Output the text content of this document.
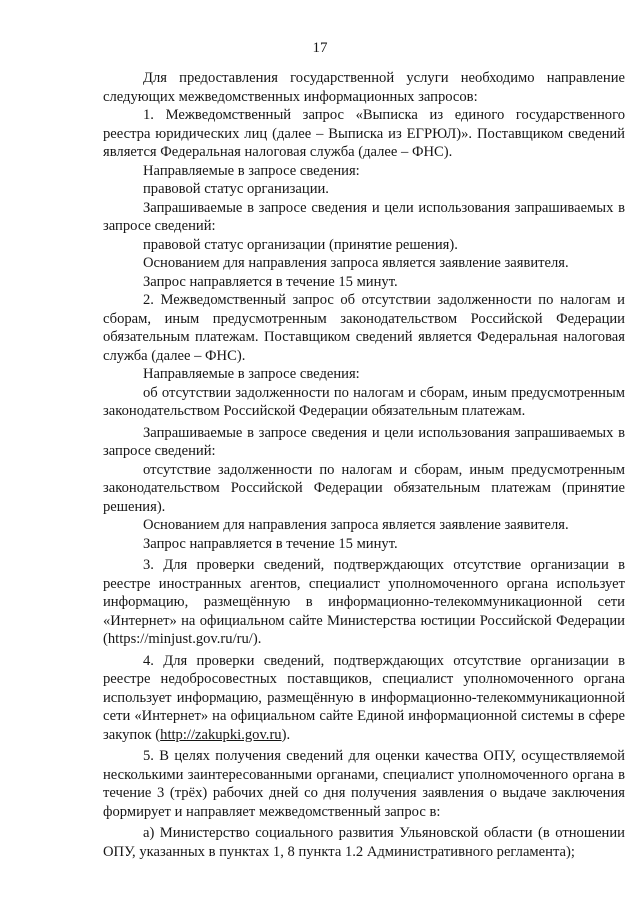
17

Для предоставления государственной услуги необходимо направление следующих межведомственных информационных запросов:

1. Межведомственный запрос «Выписка из единого государственного реестра юридических лиц (далее – Выписка из ЕГРЮЛ)». Поставщиком сведений является Федеральная налоговая служба (далее – ФНС).

Направляемые в запросе сведения:

правовой статус организации.

Запрашиваемые в запросе сведения и цели использования запрашиваемых в запросе сведений:

правовой статус организации (принятие решения).

Основанием для направления запроса является заявление заявителя.

Запрос направляется в течение 15 минут.

2. Межведомственный запрос об отсутствии задолженности по налогам и сборам, иным предусмотренным законодательством Российской Федерации обязательным платежам. Поставщиком сведений является Федеральная налоговая служба (далее – ФНС).

Направляемые в запросе сведения:

об отсутствии задолженности по налогам и сборам, иным предусмотренным законодательством Российской Федерации обязательным платежам.

Запрашиваемые в запросе сведения и цели использования запрашиваемых в запросе сведений:

отсутствие задолженности по налогам и сборам, иным предусмотренным законодательством Российской Федерации обязательным платежам (принятие решения).

Основанием для направления запроса является заявление заявителя.

Запрос направляется в течение 15 минут.

3. Для проверки сведений, подтверждающих отсутствие организации в реестре иностранных агентов, специалист уполномоченного органа использует информацию, размещённую в информационно-телекоммуникационной сети «Интернет» на официальном сайте Министерства юстиции Российской Федерации (https://minjust.gov.ru/ru/).

4. Для проверки сведений, подтверждающих отсутствие организации в реестре недобросовестных поставщиков, специалист уполномоченного органа использует информацию, размещённую в информационно-телекоммуникационной сети «Интернет» на официальном сайте Единой информационной системы в сфере закупок (http://zakupki.gov.ru).

5. В целях получения сведений для оценки качества ОПУ, осуществляемой несколькими заинтересованными органами, специалист уполномоченного органа в течение 3 (трёх) рабочих дней со дня получения заявления о выдаче заключения формирует и направляет межведомственный запрос в:

а) Министерство социального развития Ульяновской области (в отношении ОПУ, указанных в пунктах 1, 8 пункта 1.2 Административного регламента);
